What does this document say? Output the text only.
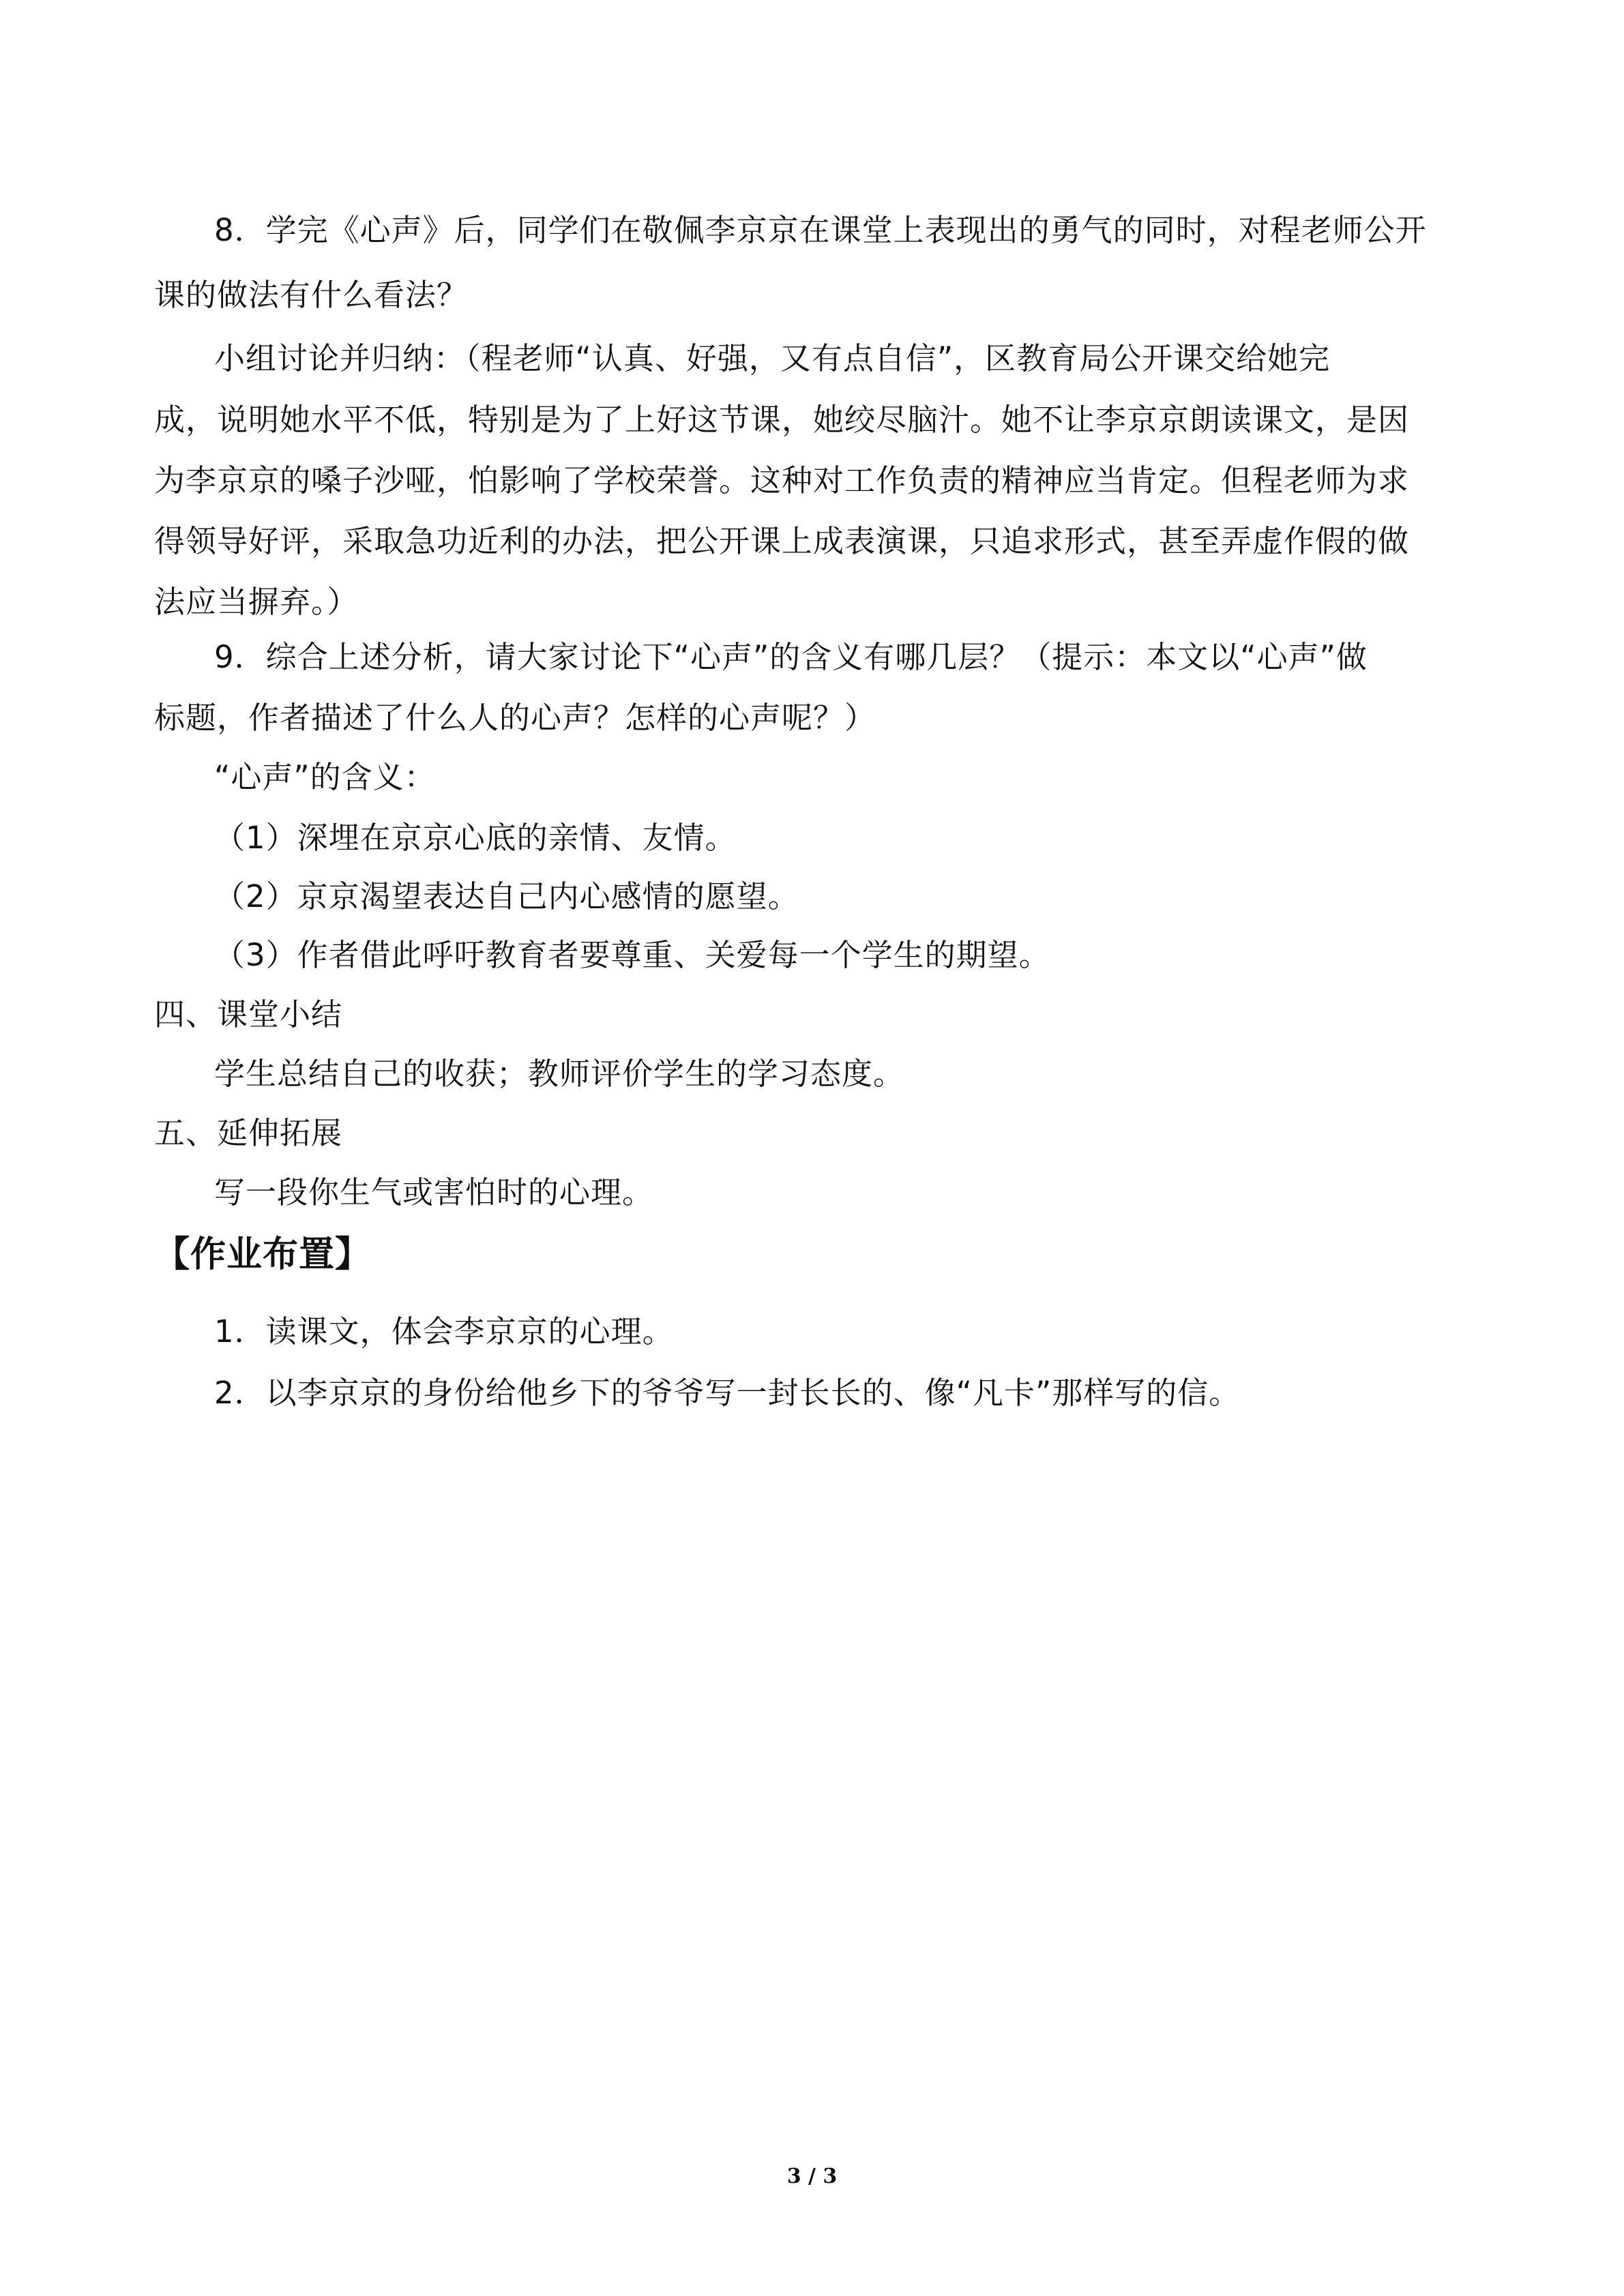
8．学完《心声》后，同学们在敬佩李京京在课堂上表现出的勇气的同时，对程老师公开
课的做法有什么看法？
小组讨论并归纳：（程老师“认真、好强，又有点自信”，区教育局公开课交给她完
成，说明她水平不低，特别是为了上好这节课，她绞尽脑汁。她不让李京京朗读课文，是因
为李京京的嗓子沙哑，怕影响了学校荣誉。这种对工作负责的精神应当肯定。但程老师为求
得领导好评，采取急功近利的办法，把公开课上成表演课，只追求形式，甚至弄虚作假的做
法应当摒弃。）
9．综合上述分析，请大家讨论下“心声”的含义有哪几层？（提示：本文以“心声”做
标题，作者描述了什么人的心声？怎样的心声呢？）
“心声”的含义：
（1）深埋在京京心底的亲情、友情。
（2）京京渴望表达自己内心感情的愿望。
（3）作者借此呼吁教育者要尊重、关爱每一个学生的期望。
四、课堂小结
学生总结自己的收获；教师评价学生的学习态度。
五、延伸拓展
写一段你生气或害怕时的心理。
【作业布置】
1．读课文，体会李京京的心理。
2．以李京京的身份给他乡下的爷爷写一封长长的、像“凡卡”那样写的信。
3 / 3
